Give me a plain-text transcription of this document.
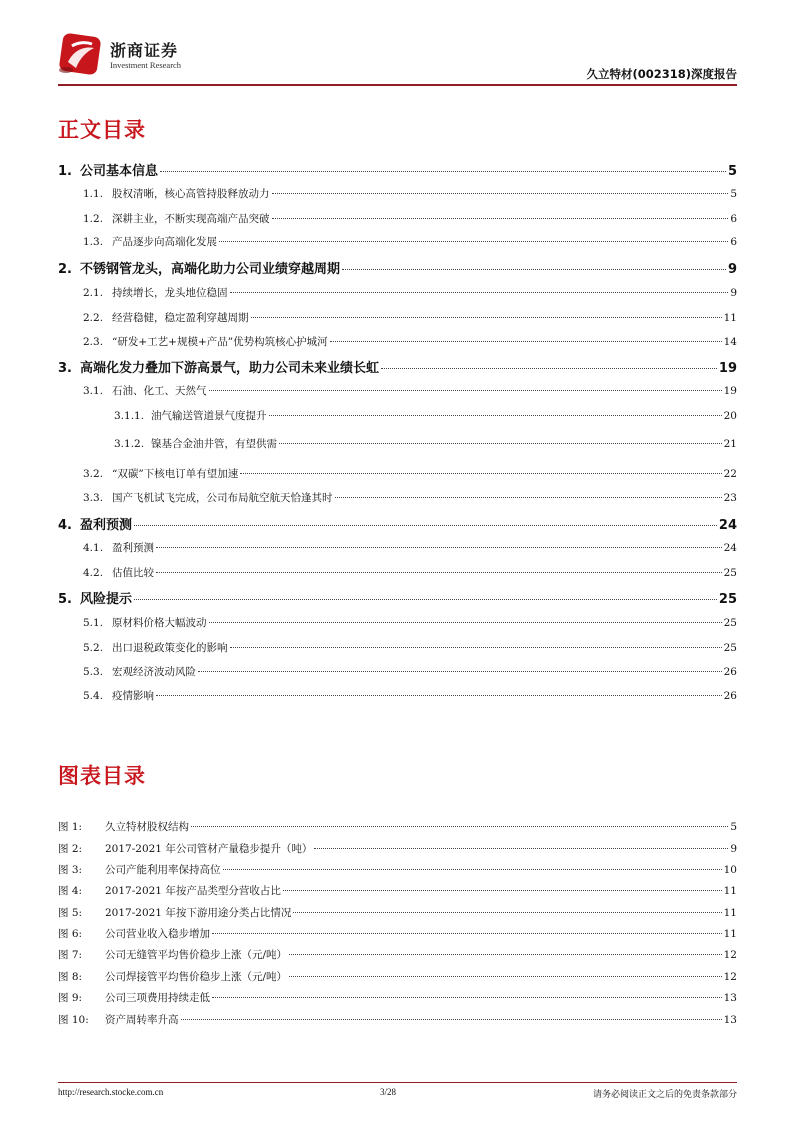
浙商证券
Investment Research
久立特材(002318)深度报告
正文目录
1. 公司基本信息	5
1.1. 股权清晰，核心高管持股释放动力	5
1.2. 深耕主业，不断实现高端产品突破	6
1.3. 产品逐步向高端化发展	6
2. 不锈钢管龙头，高端化助力公司业绩穿越周期	9
2.1. 持续增长，龙头地位稳固	9
2.2. 经营稳健，稳定盈利穿越周期	11
2.3. “研发+工艺+规模+产品”优势构筑核心护城河	14
3. 高端化发力叠加下游高景气，助力公司未来业绩长虹	19
3.1. 石油、化工、天然气	19
3.1.1. 油气输送管道景气度提升	20
3.1.2. 镍基合金油井管，有望供需	21
3.2. “双碳”下核电订单有望加速	22
3.3. 国产飞机试飞完成，公司布局航空航天恰逢其时	23
4. 盈利预测	24
4.1. 盈利预测	24
4.2. 估值比较	25
5. 风险提示	25
5.1. 原材料价格大幅波动	25
5.2. 出口退税政策变化的影响	25
5.3. 宏观经济波动风险	26
5.4. 疫情影响	26
图表目录
图 1:	久立特材股权结构	5
图 2:	2017-2021 年公司管材产量稳步提升（吨）	9
图 3:	公司产能利用率保持高位	10
图 4:	2017-2021 年按产品类型分营收占比	11
图 5:	2017-2021 年按下游用途分类占比情况	11
图 6:	公司营业收入稳步增加	11
图 7:	公司无缝管平均售价稳步上涨（元/吨）	12
图 8:	公司焊接管平均售价稳步上涨（元/吨）	12
图 9:	公司三项费用持续走低	13
图 10:	资产周转率升高	13
http://research.stocke.com.cn	3/28	请务必阅读正文之后的免责条款部分
